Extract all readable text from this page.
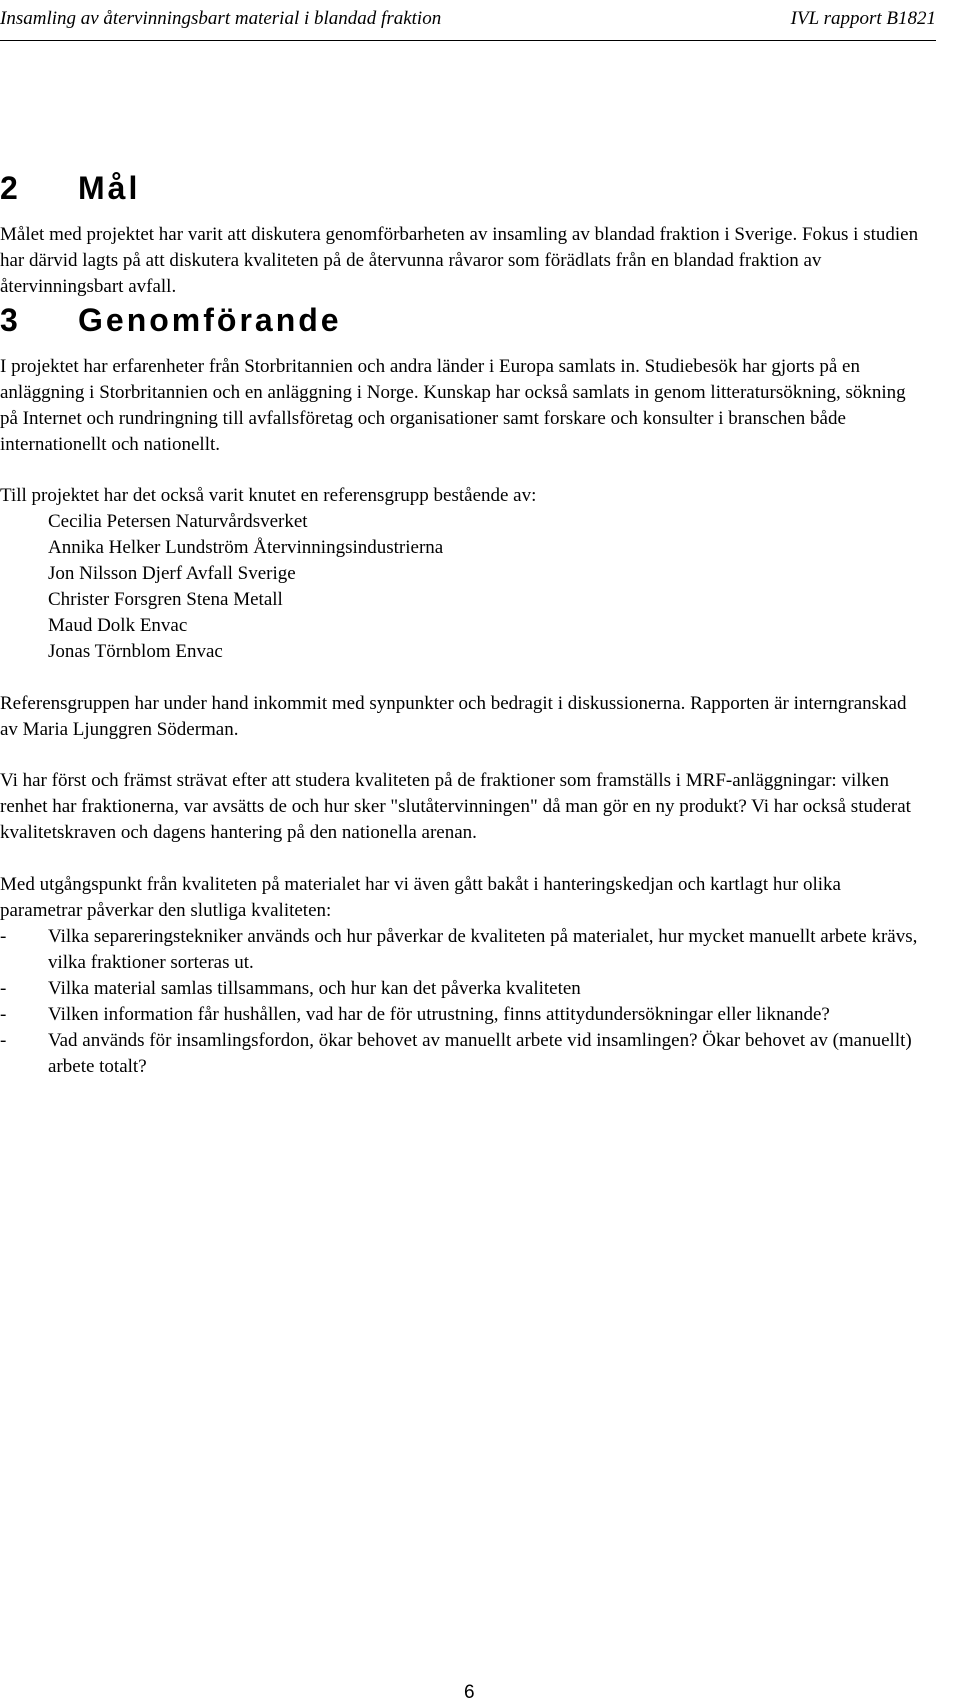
Insamling av återvinningsbart material i blandad fraktion	IVL rapport B1821
2 Mål

Målet med projektet har varit att diskutera genomförbarheten av insamling av blandad fraktion i Sverige. Fokus i studien har därvid lagts på att diskutera kvaliteten på de återvunna råvaror som förädlats från en blandad fraktion av återvinningsbart avfall.

3 Genomförande

I projektet har erfarenheter från Storbritannien och andra länder i Europa samlats in. Studiebesök har gjorts på en anläggning i Storbritannien och en anläggning i Norge. Kunskap har också samlats in genom litteratursökning, sökning på Internet och rundringning till avfallsföretag och organisationer samt forskare och konsulter i branschen både internationellt och nationellt.

Till projektet har det också varit knutet en referensgrupp bestående av:

Cecilia Petersen Naturvårdsverket
Annika Helker Lundström Återvinningsindustrierna
Jon Nilsson Djerf Avfall Sverige
Christer Forsgren Stena Metall
Maud Dolk Envac
Jonas Törnblom Envac

Referensgruppen har under hand inkommit med synpunkter och bedragit i diskussionerna. Rapporten är interngranskad av Maria Ljunggren Söderman.

Vi har först och främst strävat efter att studera kvaliteten på de fraktioner som framställs i MRF-anläggningar: vilken renhet har fraktionerna, var avsätts de och hur sker "slutåtervinningen" då man gör en ny produkt? Vi har också studerat kvalitetskraven och dagens hantering på den nationella arenan.

Med utgångspunkt från kvaliteten på materialet har vi även gått bakåt i hanteringskedjan och kartlagt hur olika parametrar påverkar den slutliga kvaliteten:

- Vilka separeringstekniker används och hur påverkar de kvaliteten på materialet, hur mycket manuellt arbete krävs, vilka fraktioner sorteras ut.
- Vilka material samlas tillsammans, och hur kan det påverka kvaliteten
- Vilken information får hushållen, vad har de för utrustning, finns attitydundersökningar eller liknande?
- Vad används för insamlingsfordon, ökar behovet av manuellt arbete vid insamlingen? Ökar behovet av (manuellt) arbete totalt?
6
